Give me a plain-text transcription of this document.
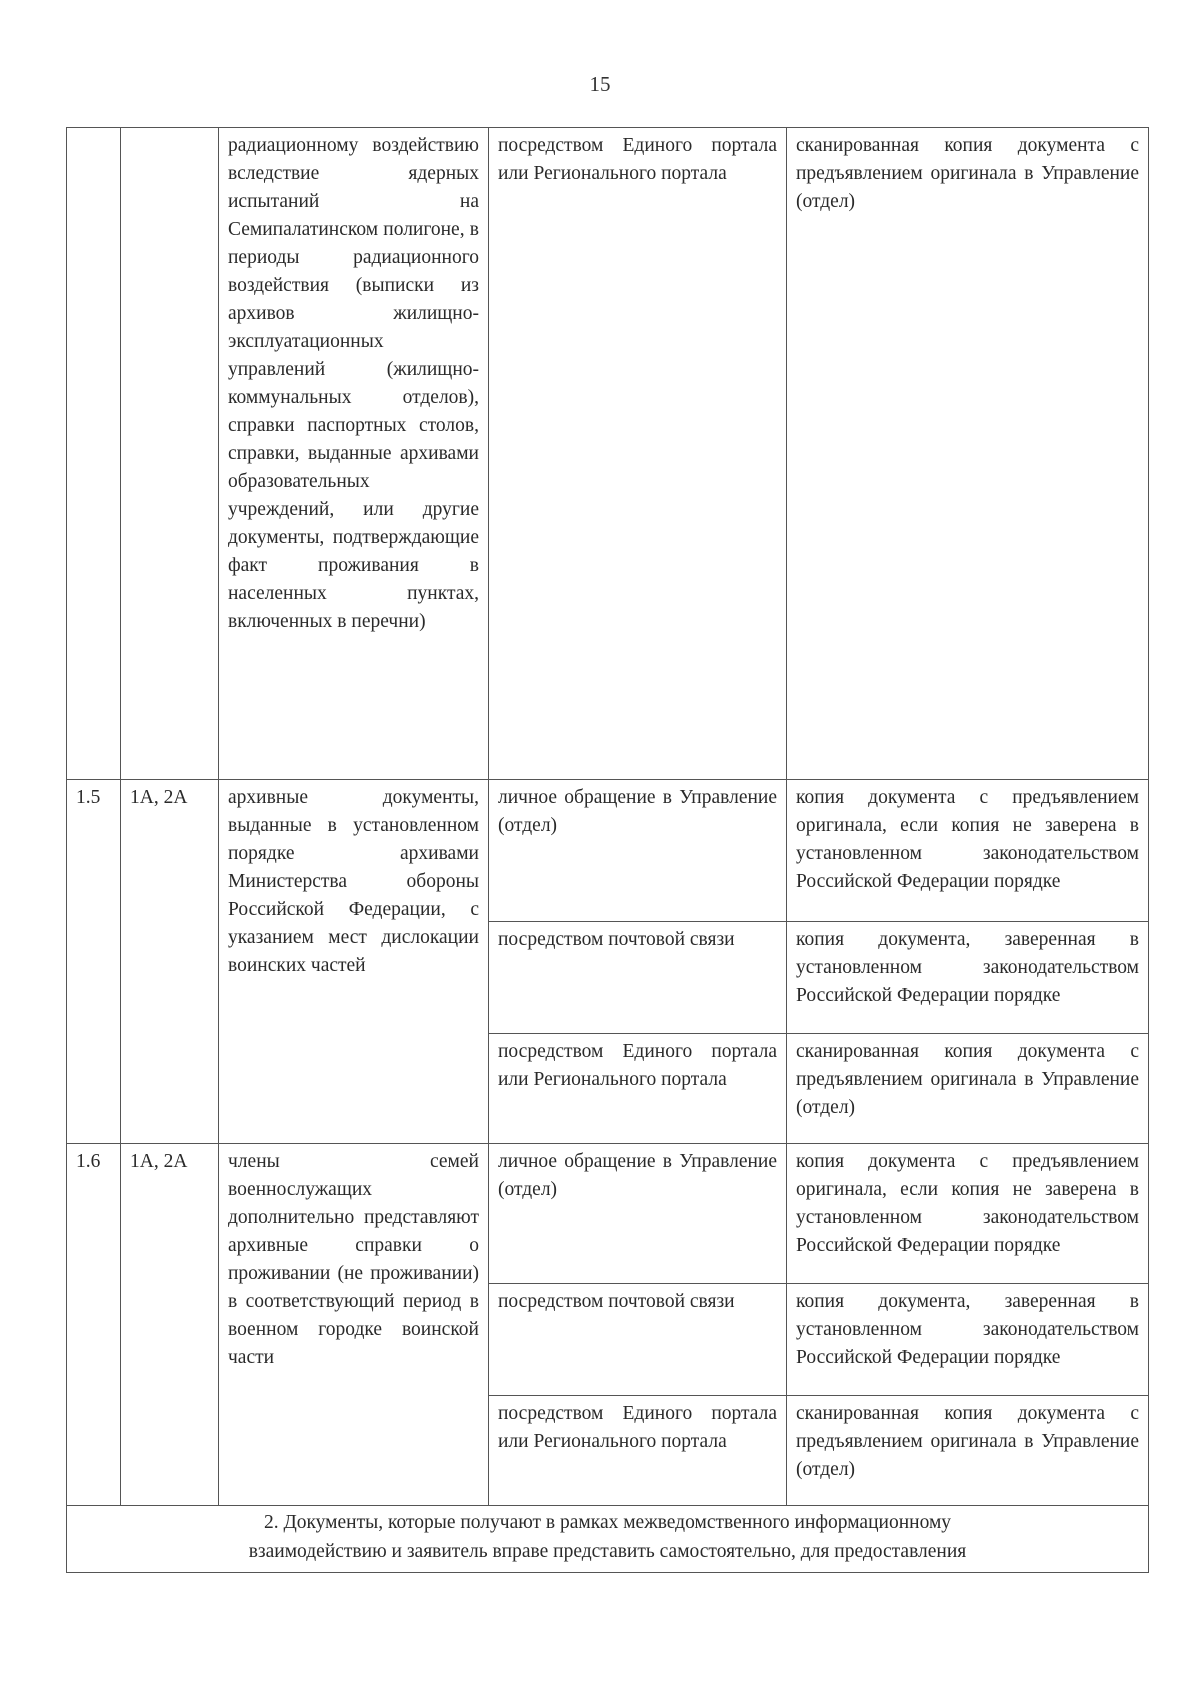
15
		радиационному воздействию вследствие ядерных испытаний на Семипалатинском полигоне, в периоды радиационного воздействия (выписки из архивов жилищно-эксплуатационных управлений (жилищно-коммунальных отделов), справки паспортных столов, справки, выданные архивами образовательных учреждений, или другие документы, подтверждающие факт проживания в населенных пунктах, включенных в перечни)	посредством Единого портала или Регионального портала	сканированная копия документа с предъявлением оригинала в Управление (отдел)
1.5	1А, 2А	архивные документы, выданные в установленном порядке архивами Министерства обороны Российской Федерации, с указанием мест дислокации воинских частей	личное обращение в Управление (отдел)	копия документа с предъявлением оригинала, если копия не заверена в установленном законодательством Российской Федерации порядке
			посредством почтовой связи	копия документа, заверенная в установленном законодательством Российской Федерации порядке
			посредством Единого портала или Регионального портала	сканированная копия документа с предъявлением оригинала в Управление (отдел)
1.6	1А, 2А	члены семей военнослужащих дополнительно представляют архивные справки о проживании (не проживании) в соответствующий период в военном городке воинской части	личное обращение в Управление (отдел)	копия документа с предъявлением оригинала, если копия не заверена в установленном законодательством Российской Федерации порядке
			посредством почтовой связи	копия документа, заверенная в установленном законодательством Российской Федерации порядке
			посредством Единого портала или Регионального портала	сканированная копия документа с предъявлением оригинала в Управление (отдел)

2. Документы, которые получают в рамках межведомственного информационному
взаимодействию и заявитель вправе представить самостоятельно, для предоставления				
